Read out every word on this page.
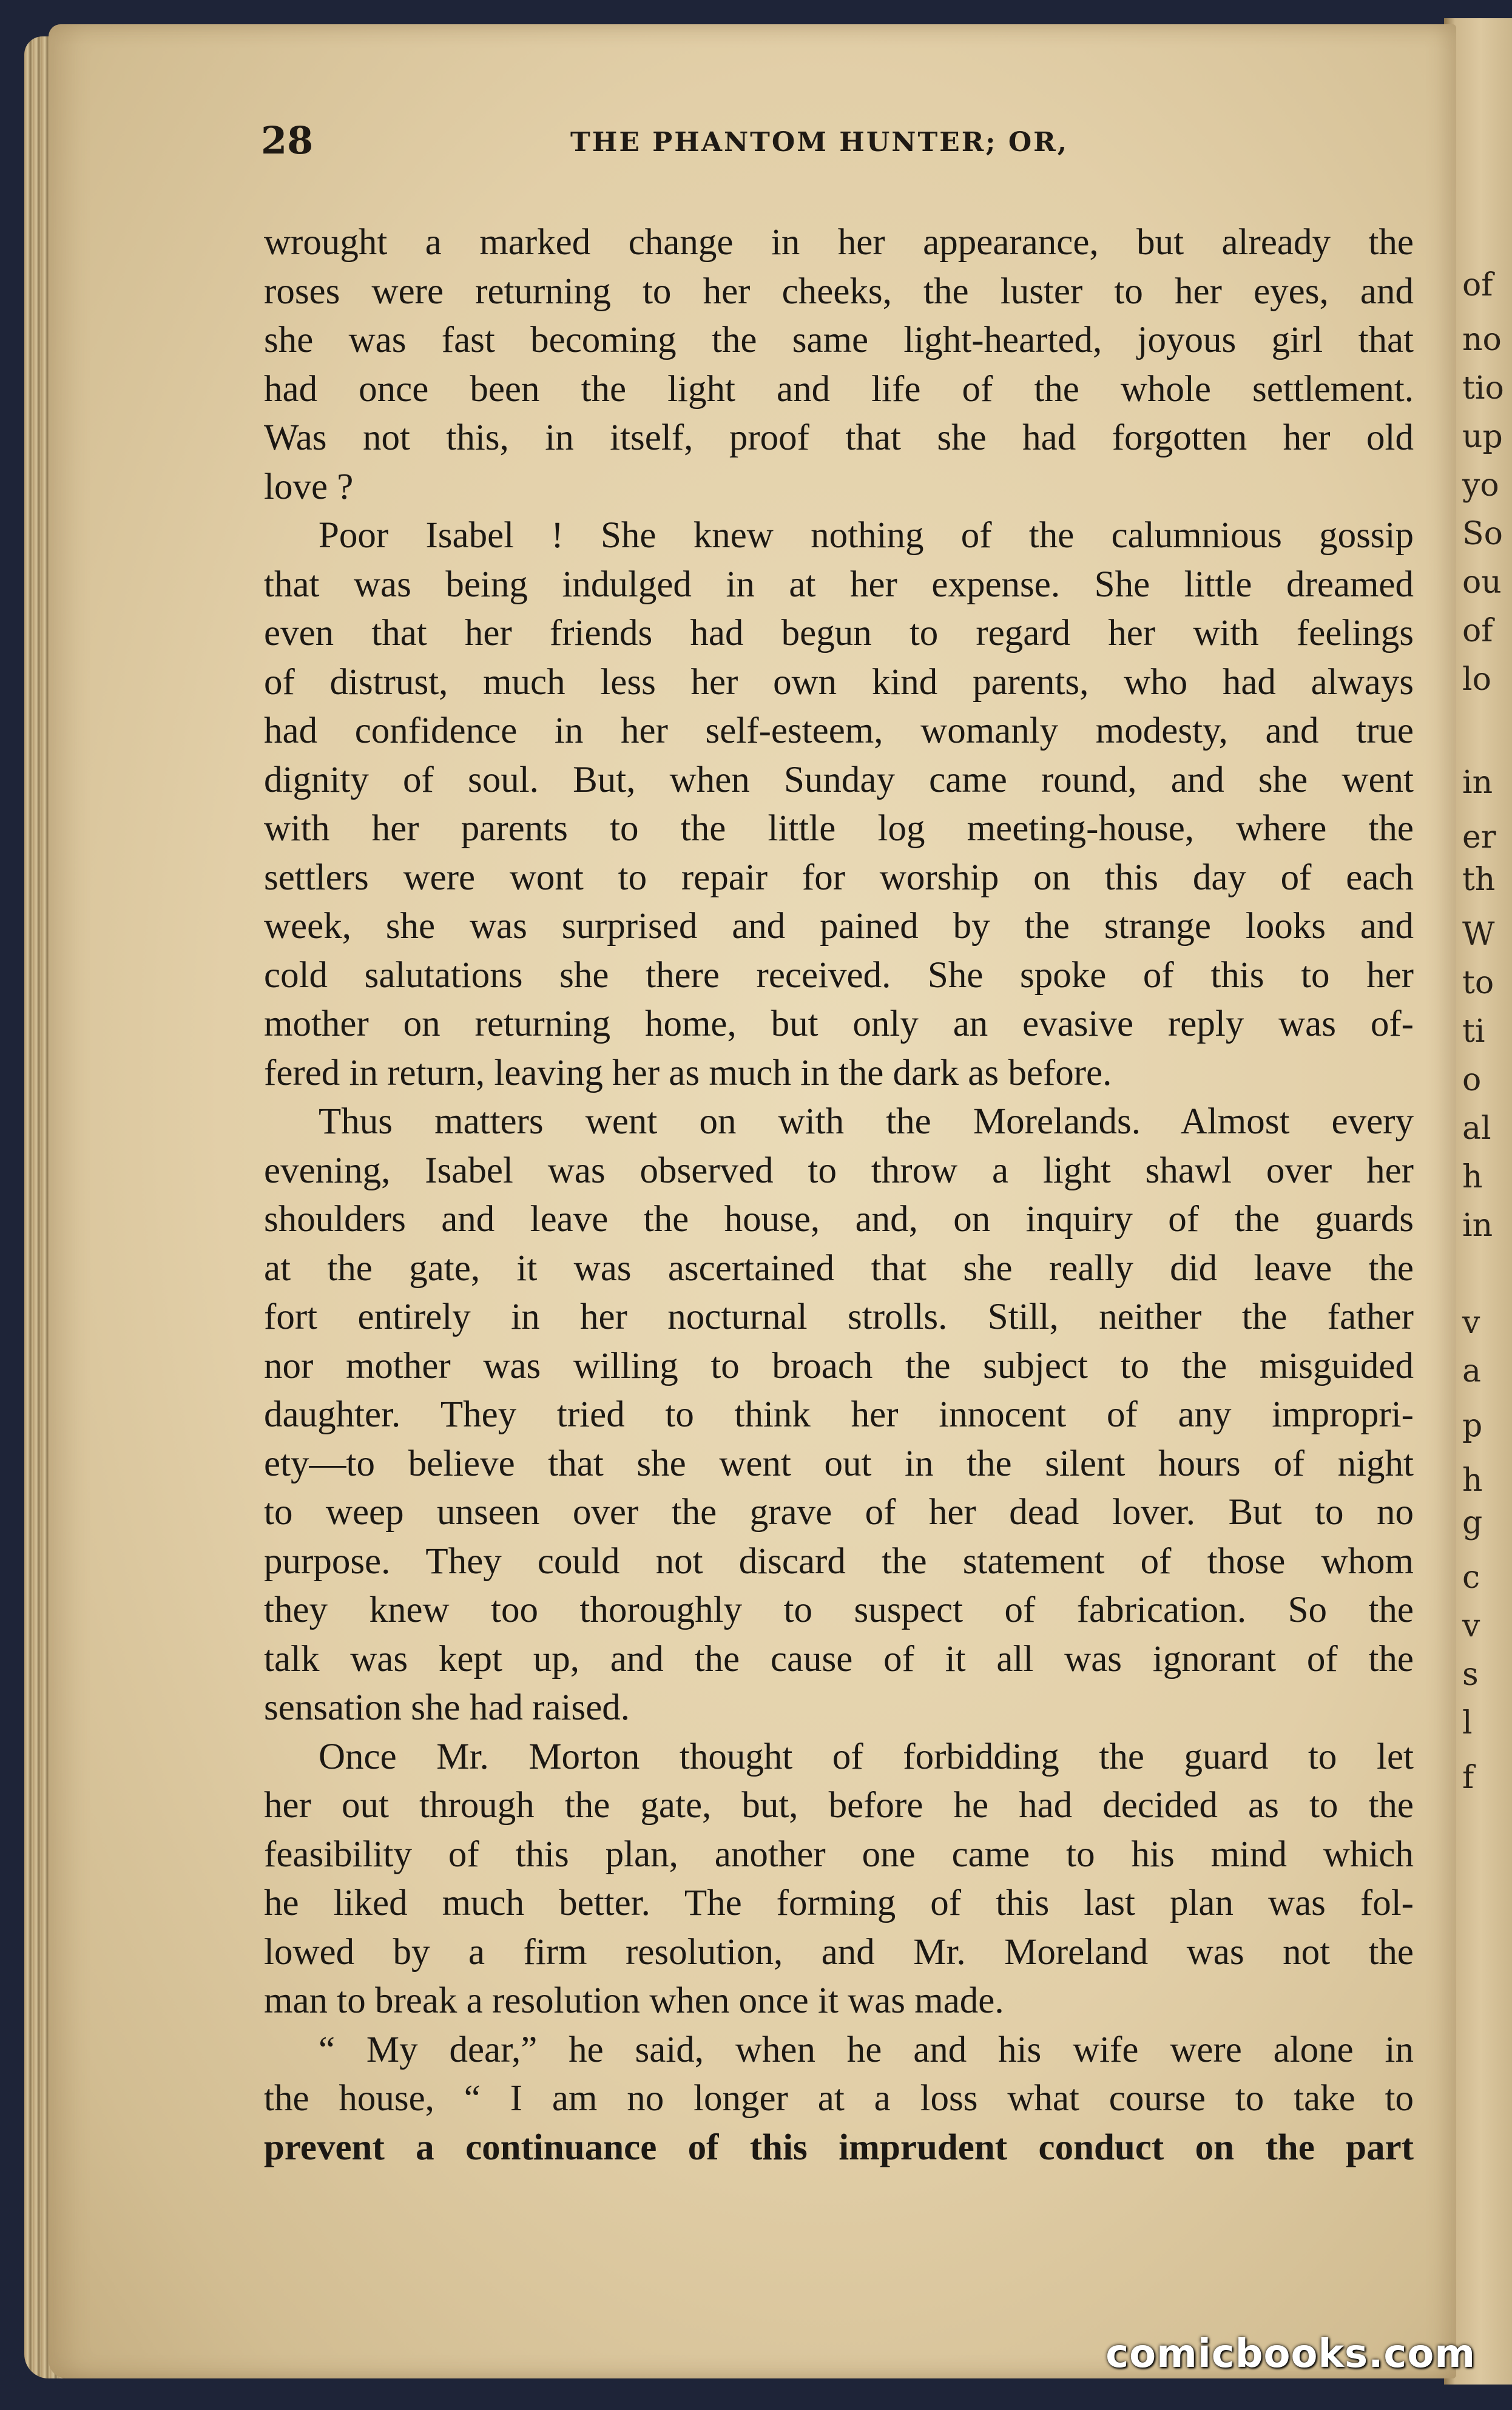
of
no
tio
up
yo
So
ou
of
lo
in
er
th
W
to
ti
o
al
h
in
v
a
p
h
g
c
v
s
l
f
28	THE PHANTOM HUNTER; OR,
wrought a marked change in her appearance, but already the
roses were returning to her cheeks, the luster to her eyes, and
she was fast becoming the same light-hearted, joyous girl that
had once been the light and life of the whole settlement.
Was not this, in itself, proof that she had forgotten her old
love ?
Poor Isabel ! She knew nothing of the calumnious gossip
that was being indulged in at her expense. She little dreamed
even that her friends had begun to regard her with feelings
of distrust, much less her own kind parents, who had always
had confidence in her self-esteem, womanly modesty, and true
dignity of soul. But, when Sunday came round, and she went
with her parents to the little log meeting-house, where the
settlers were wont to repair for worship on this day of each
week, she was surprised and pained by the strange looks and
cold salutations she there received. She spoke of this to her
mother on returning home, but only an evasive reply was of-
fered in return, leaving her as much in the dark as before.
Thus matters went on with the Morelands. Almost every
evening, Isabel was observed to throw a light shawl over her
shoulders and leave the house, and, on inquiry of the guards
at the gate, it was ascertained that she really did leave the
fort entirely in her nocturnal strolls. Still, neither the father
nor mother was willing to broach the subject to the misguided
daughter. They tried to think her innocent of any impropri-
ety—to believe that she went out in the silent hours of night
to weep unseen over the grave of her dead lover. But to no
purpose. They could not discard the statement of those whom
they knew too thoroughly to suspect of fabrication. So the
talk was kept up, and the cause of it all was ignorant of the
sensation she had raised.
Once Mr. Morton thought of forbidding the guard to let
her out through the gate, but, before he had decided as to the
feasibility of this plan, another one came to his mind which
he liked much better. The forming of this last plan was fol-
lowed by a firm resolution, and Mr. Moreland was not the
man to break a resolution when once it was made.
“ My dear,” he said, when he and his wife were alone in
the house, “ I am no longer at a loss what course to take to
prevent a continuance of this imprudent conduct on the part
comicbooks.com
